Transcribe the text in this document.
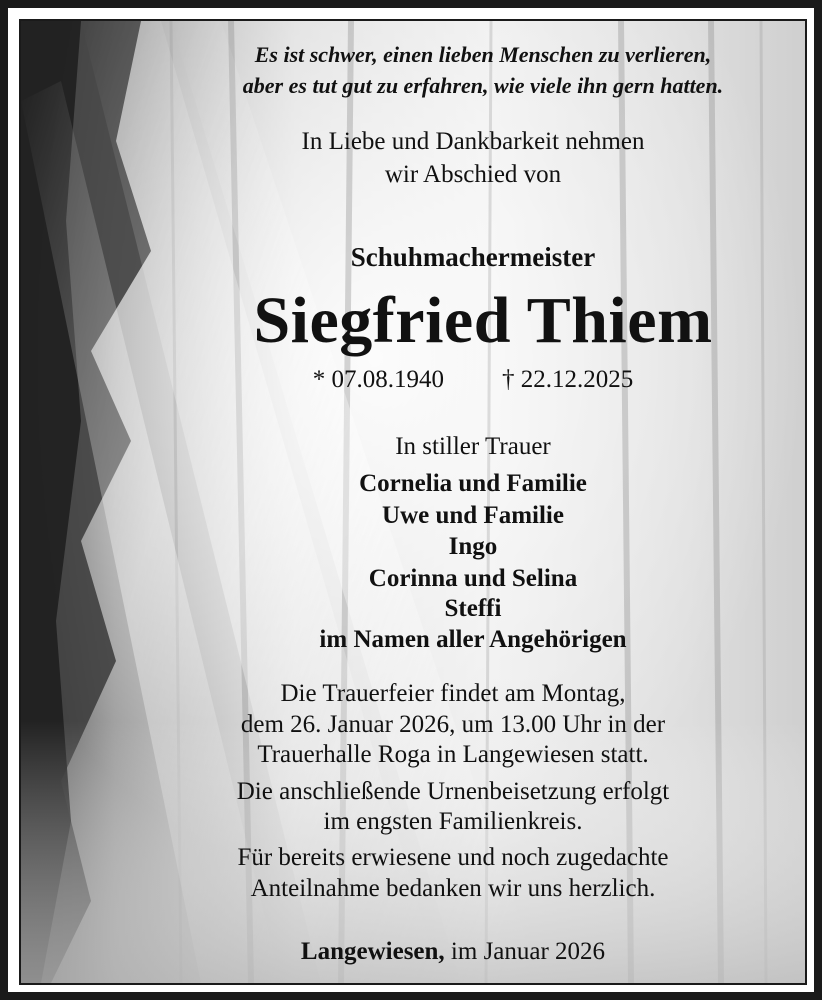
Es ist schwer, einen lieben Menschen zu verlieren,
aber es tut gut zu erfahren, wie viele ihn gern hatten.
In Liebe und Dankbarkeit nehmen
wir Abschied von
Schuhmachermeister
Siegfried Thiem
* 07.08.1940 † 22.12.2025
In stiller Trauer
Cornelia und Familie
Uwe und Familie
Ingo
Corinna und Selina
Steffi
im Namen aller Angehörigen
Die Trauerfeier findet am Montag,
dem 26. Januar 2026, um 13.00 Uhr in der
Trauerhalle Roga in Langewiesen statt.
Die anschließende Urnenbeisetzung erfolgt
im engsten Familienkreis.
Für bereits erwiesene und noch zugedachte
Anteilnahme bedanken wir uns herzlich.
Langewiesen, im Januar 2026
